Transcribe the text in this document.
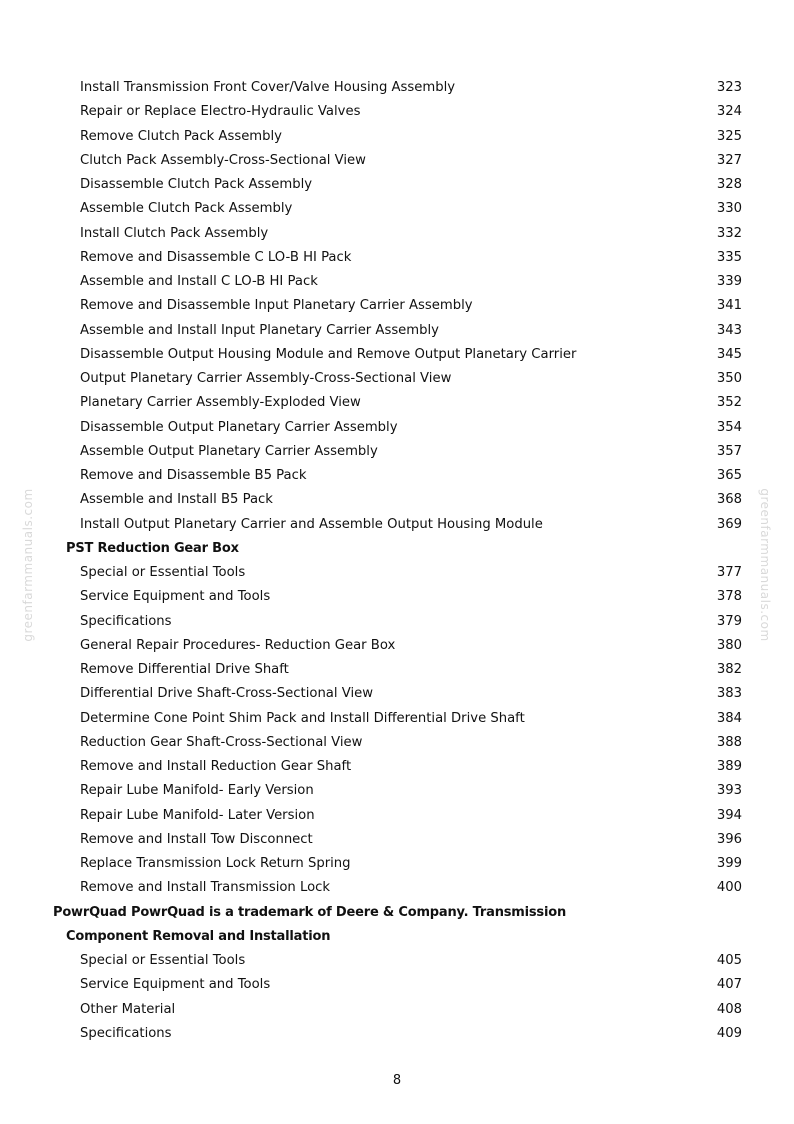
Install Transmission Front Cover/Valve Housing Assembly	323
Repair or Replace Electro-Hydraulic Valves	324
Remove Clutch Pack Assembly	325
Clutch Pack Assembly-Cross-Sectional View	327
Disassemble Clutch Pack Assembly	328
Assemble Clutch Pack Assembly	330
Install Clutch Pack Assembly	332
Remove and Disassemble C LO-B HI Pack	335
Assemble and Install C LO-B HI Pack	339
Remove and Disassemble Input Planetary Carrier Assembly	341
Assemble and Install Input Planetary Carrier Assembly	343
Disassemble Output Housing Module and Remove Output Planetary Carrier	345
Output Planetary Carrier Assembly-Cross-Sectional View	350
Planetary Carrier Assembly-Exploded View	352
Disassemble Output Planetary Carrier Assembly	354
Assemble Output Planetary Carrier Assembly	357
Remove and Disassemble B5 Pack	365
Assemble and Install B5 Pack	368
Install Output Planetary Carrier and Assemble Output Housing Module	369
PST Reduction Gear Box
Special or Essential Tools	377
Service Equipment and Tools	378
Specifications	379
General Repair Procedures- Reduction Gear Box	380
Remove Differential Drive Shaft	382
Differential Drive Shaft-Cross-Sectional View	383
Determine Cone Point Shim Pack and Install Differential Drive Shaft	384
Reduction Gear Shaft-Cross-Sectional View	388
Remove and Install Reduction Gear Shaft	389
Repair Lube Manifold- Early Version	393
Repair Lube Manifold- Later Version	394
Remove and Install Tow Disconnect	396
Replace Transmission Lock Return Spring	399
Remove and Install Transmission Lock	400
PowrQuad PowrQuad is a trademark of Deere & Company. Transmission
Component Removal and Installation
Special or Essential Tools	405
Service Equipment and Tools	407
Other Material	408
Specifications	409
greenfarmmanuals.com	greenfarmmanuals.com
8
